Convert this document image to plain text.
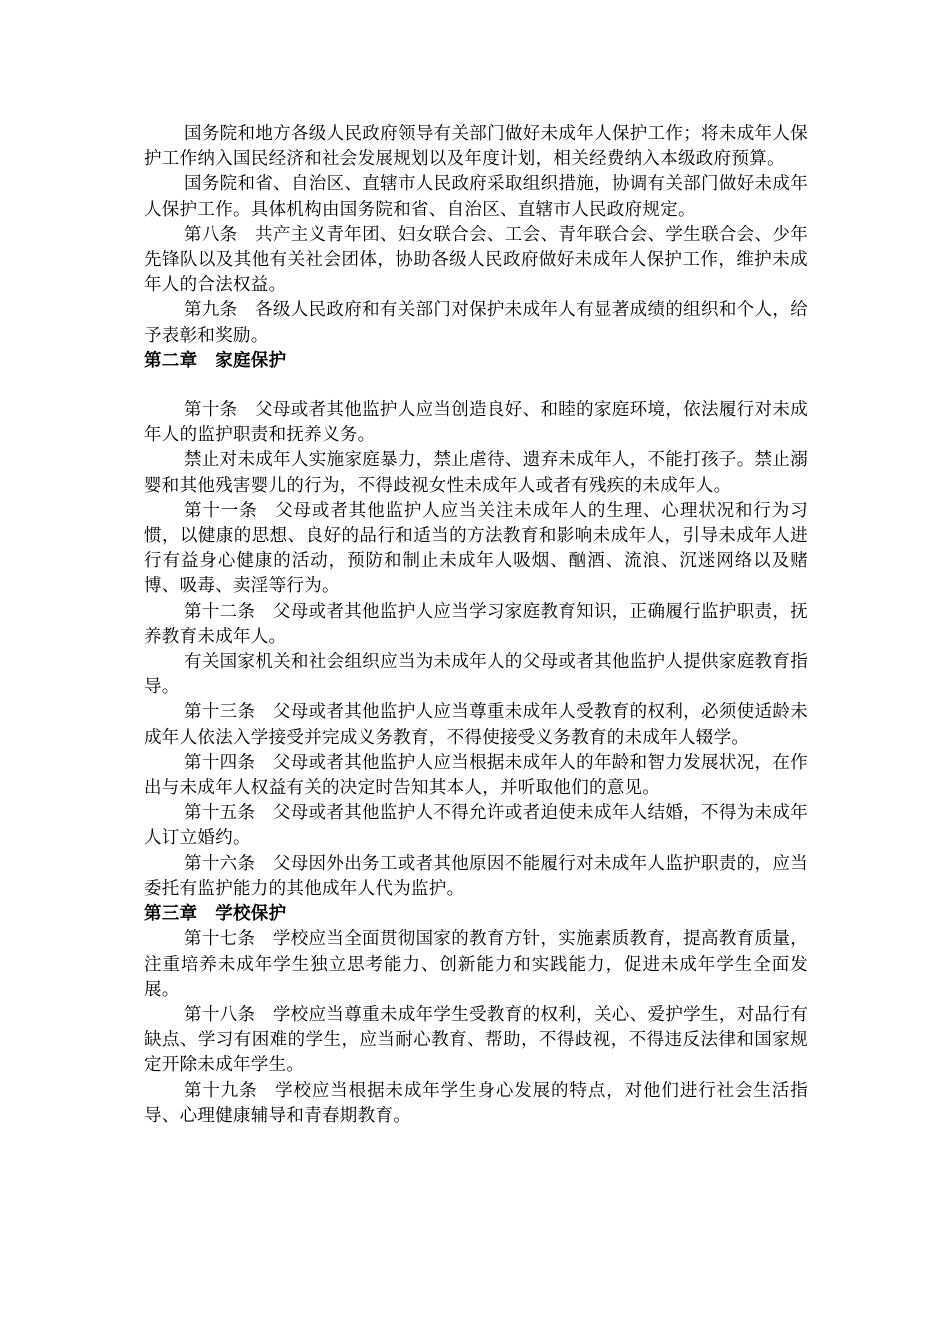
国务院和地方各级人民政府领导有关部门做好未成年人保护工作；将未成年人保护工作纳入国民经济和社会发展规划以及年度计划，相关经费纳入本级政府预算。

国务院和省、自治区、直辖市人民政府采取组织措施，协调有关部门做好未成年人保护工作。具体机构由国务院和省、自治区、直辖市人民政府规定。

第八条 共产主义青年团、妇女联合会、工会、青年联合会、学生联合会、少年先锋队以及其他有关社会团体，协助各级人民政府做好未成年人保护工作，维护未成年人的合法权益。

第九条 各级人民政府和有关部门对保护未成年人有显著成绩的组织和个人，给予表彰和奖励。

第二章　家庭保护

第十条 父母或者其他监护人应当创造良好、和睦的家庭环境，依法履行对未成年人的监护职责和抚养义务。

禁止对未成年人实施家庭暴力，禁止虐待、遗弃未成年人，不能打孩子。禁止溺婴和其他残害婴儿的行为，不得歧视女性未成年人或者有残疾的未成年人。

第十一条 父母或者其他监护人应当关注未成年人的生理、心理状况和行为习惯，以健康的思想、良好的品行和适当的方法教育和影响未成年人，引导未成年人进行有益身心健康的活动，预防和制止未成年人吸烟、酗酒、流浪、沉迷网络以及赌博、吸毒、卖淫等行为。

第十二条 父母或者其他监护人应当学习家庭教育知识，正确履行监护职责，抚养教育未成年人。

有关国家机关和社会组织应当为未成年人的父母或者其他监护人提供家庭教育指导。

第十三条 父母或者其他监护人应当尊重未成年人受教育的权利，必须使适龄未成年人依法入学接受并完成义务教育，不得使接受义务教育的未成年人辍学。

第十四条 父母或者其他监护人应当根据未成年人的年龄和智力发展状况，在作出与未成年人权益有关的决定时告知其本人，并听取他们的意见。

第十五条 父母或者其他监护人不得允许或者迫使未成年人结婚，不得为未成年人订立婚约。

第十六条 父母因外出务工或者其他原因不能履行对未成年人监护职责的，应当委托有监护能力的其他成年人代为监护。

第三章　学校保护

第十七条 学校应当全面贯彻国家的教育方针，实施素质教育，提高教育质量，注重培养未成年学生独立思考能力、创新能力和实践能力，促进未成年学生全面发展。

第十八条 学校应当尊重未成年学生受教育的权利，关心、爱护学生，对品行有缺点、学习有困难的学生，应当耐心教育、帮助，不得歧视，不得违反法律和国家规定开除未成年学生。

第十九条 学校应当根据未成年学生身心发展的特点，对他们进行社会生活指导、心理健康辅导和青春期教育。
